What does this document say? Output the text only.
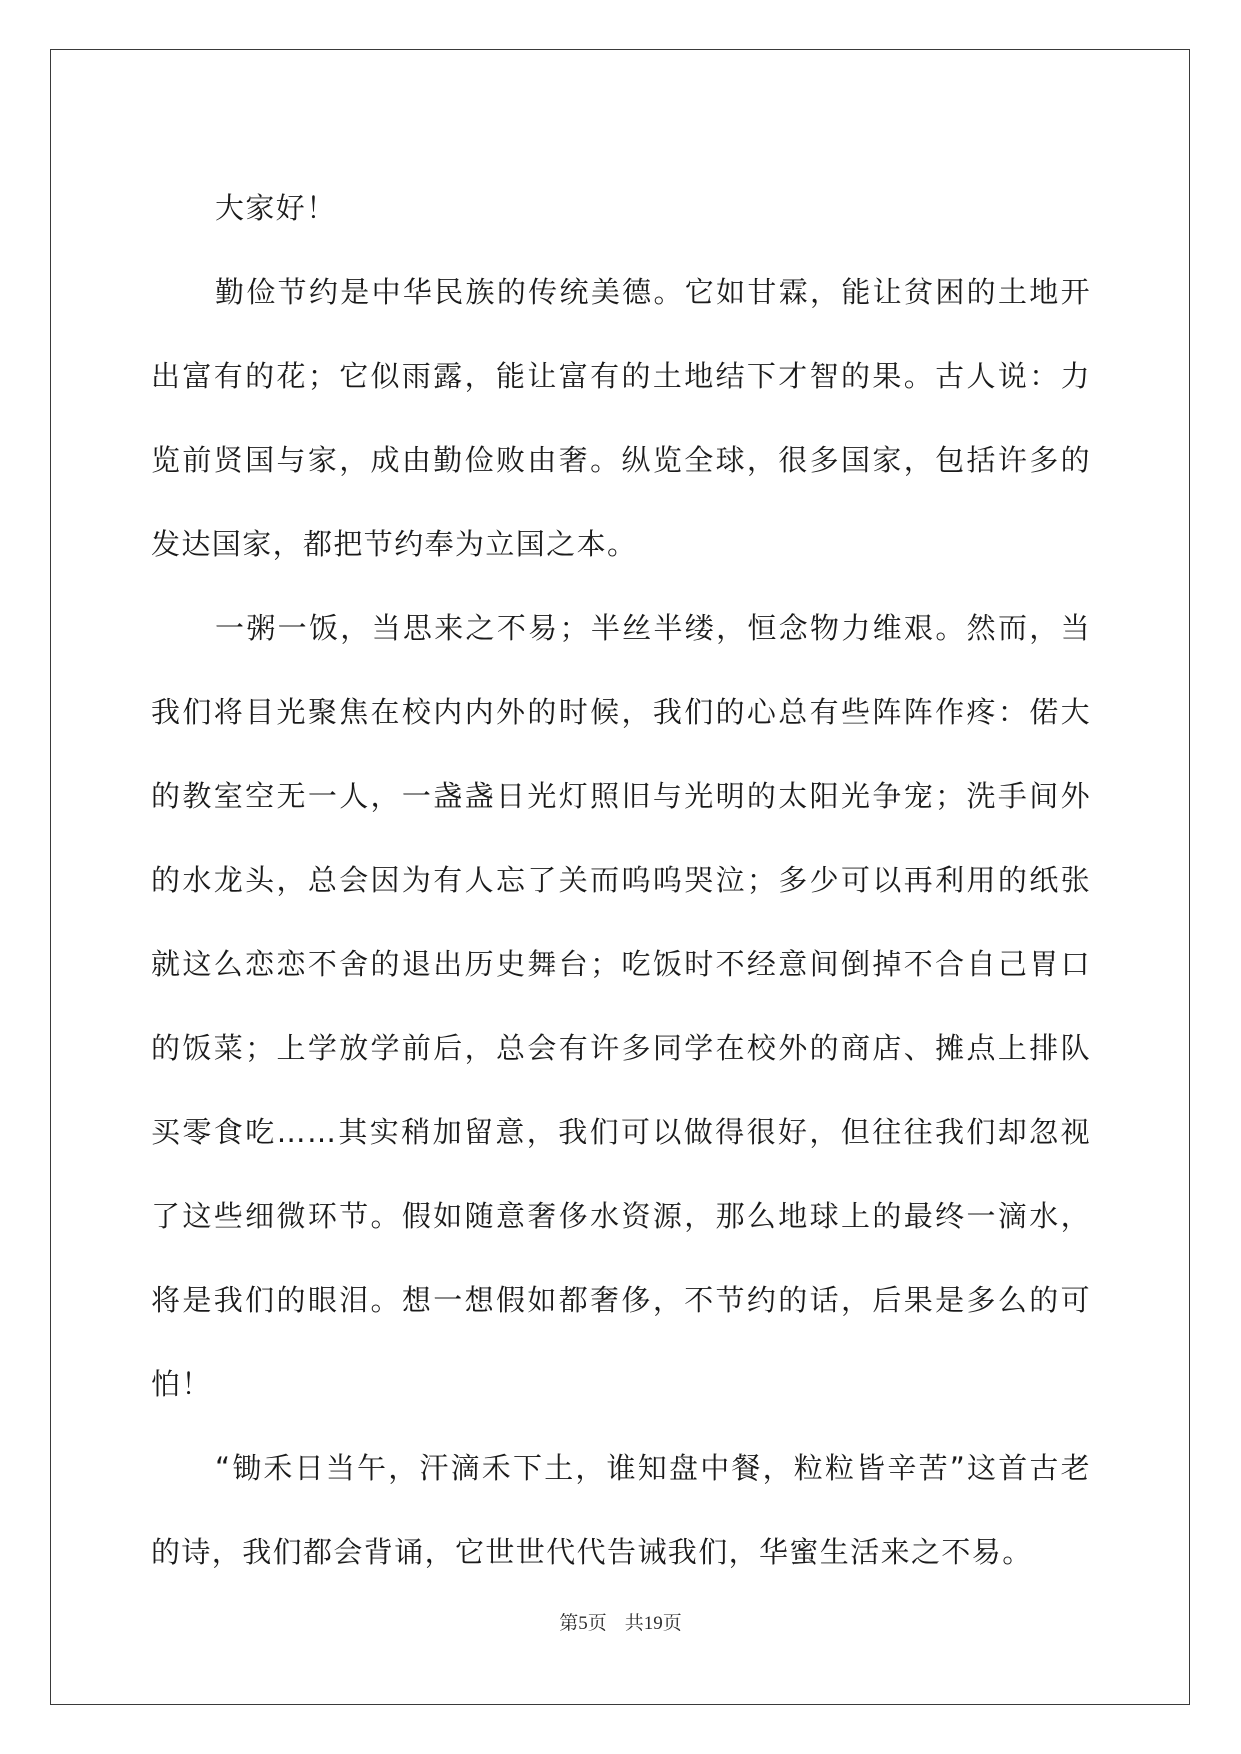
大家好！

勤俭节约是中华民族的传统美德。它如甘霖，能让贫困的土地开出富有的花；它似雨露，能让富有的土地结下才智的果。古人说：力览前贤国与家，成由勤俭败由奢。纵览全球，很多国家，包括许多的发达国家，都把节约奉为立国之本。

一粥一饭，当思来之不易；半丝半缕，恒念物力维艰。然而，当我们将目光聚焦在校内内外的时候，我们的心总有些阵阵作疼：偌大的教室空无一人，一盏盏日光灯照旧与光明的太阳光争宠；洗手间外的水龙头，总会因为有人忘了关而呜呜哭泣；多少可以再利用的纸张就这么恋恋不舍的退出历史舞台；吃饭时不经意间倒掉不合自己胃口的饭菜；上学放学前后，总会有许多同学在校外的商店、摊点上排队买零食吃……其实稍加留意，我们可以做得很好，但往往我们却忽视了这些细微环节。假如随意奢侈水资源，那么地球上的最终一滴水，将是我们的眼泪。想一想假如都奢侈，不节约的话，后果是多么的可怕！

“锄禾日当午，汗滴禾下土，谁知盘中餐，粒粒皆辛苦”这首古老的诗，我们都会背诵，它世世代代告诫我们，华蜜生活来之不易。

第5页 共19页
